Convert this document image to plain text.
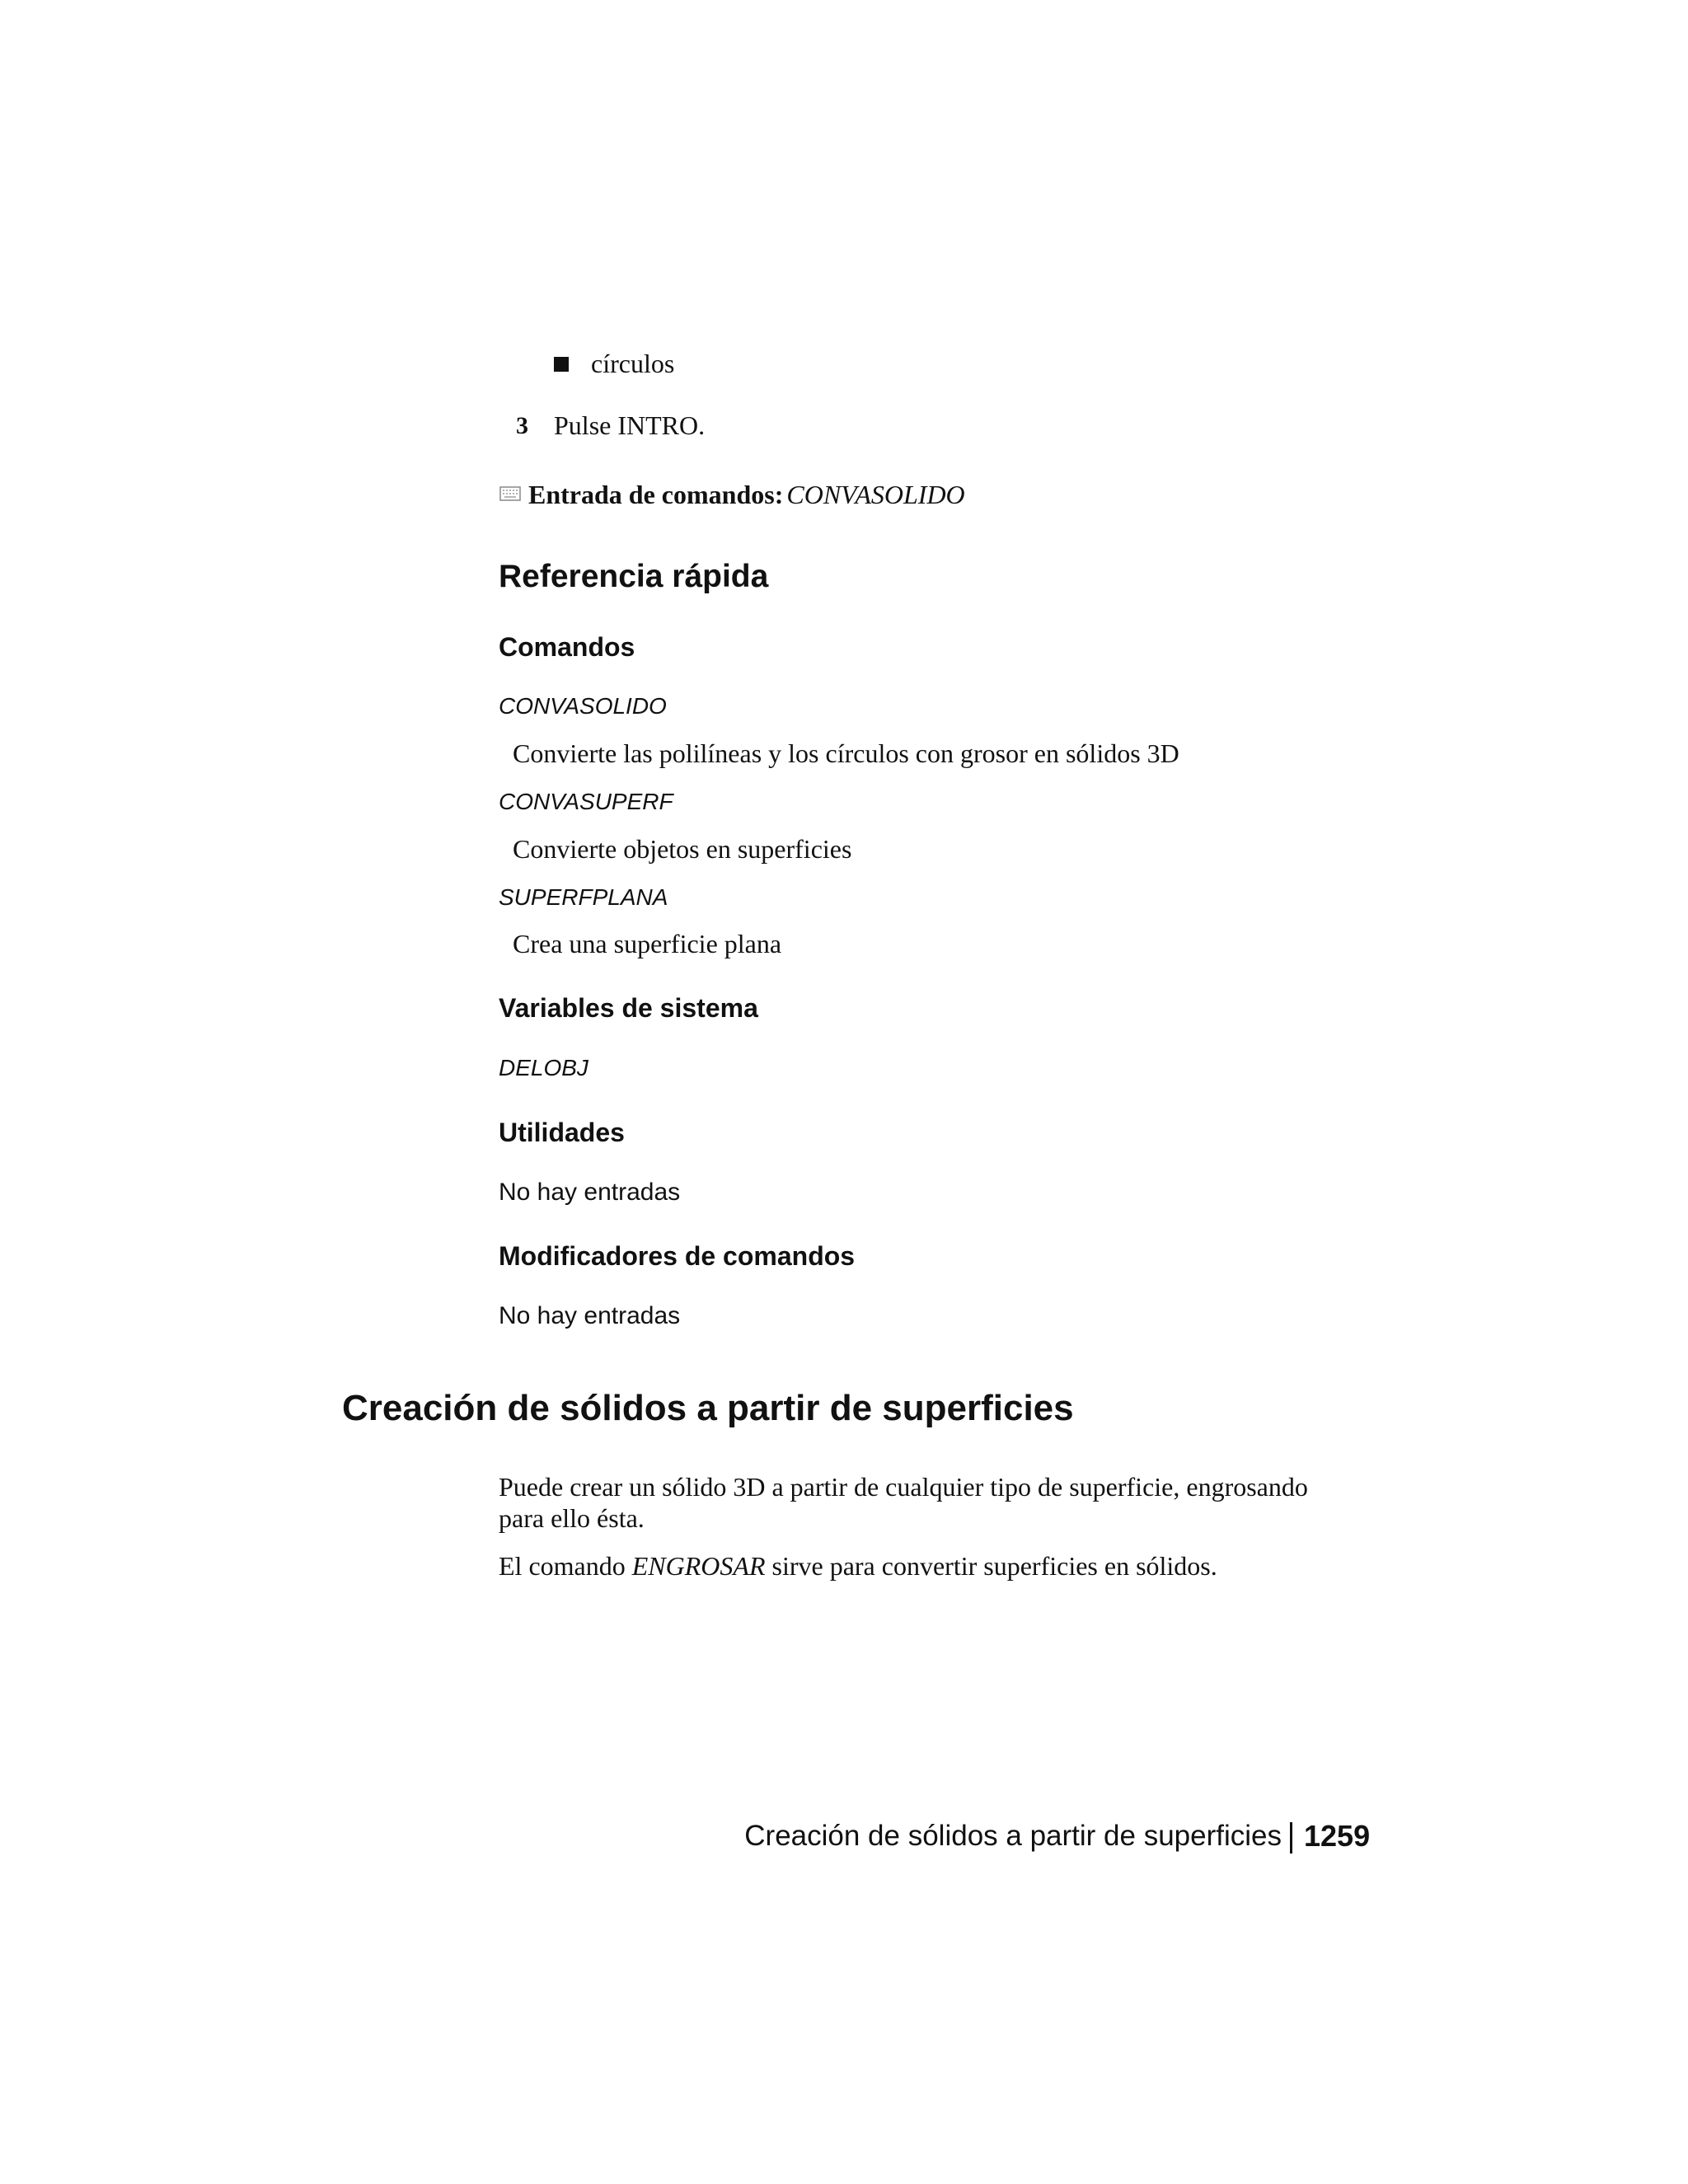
círculos
3 Pulse INTRO.
Entrada de comandos: CONVASOLIDO
Referencia rápida
Comandos
CONVASOLIDO
Convierte las polilíneas y los círculos con grosor en sólidos 3D
CONVASUPERF
Convierte objetos en superficies
SUPERFPLANA
Crea una superficie plana
Variables de sistema
DELOBJ
Utilidades
No hay entradas
Modificadores de comandos
No hay entradas
Creación de sólidos a partir de superficies
Puede crear un sólido 3D a partir de cualquier tipo de superficie, engrosando
para ello ésta.
El comando ENGROSAR sirve para convertir superficies en sólidos.
Creación de sólidos a partir de superficies 1259
